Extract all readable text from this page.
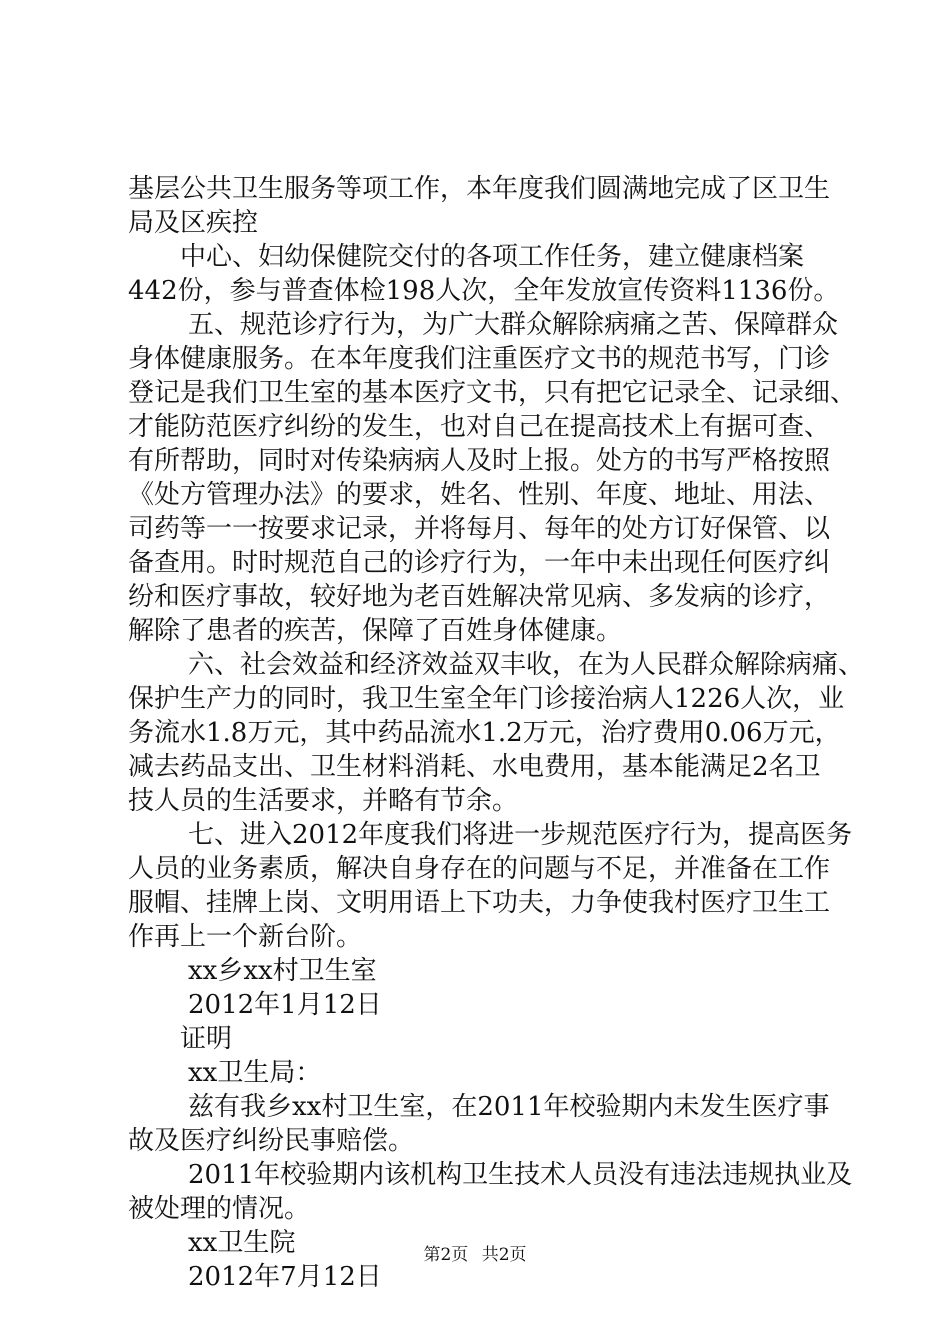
基层公共卫生服务等项工作，本年度我们圆满地完成了区卫生
局及区疾控
中心、妇幼保健院交付的各项工作任务，建立健康档案
442份，参与普查体检198人次，全年发放宣传资料1136份。
五、规范诊疗行为，为广大群众解除病痛之苦、保障群众
身体健康服务。在本年度我们注重医疗文书的规范书写，门诊
登记是我们卫生室的基本医疗文书，只有把它记录全、记录细、
才能防范医疗纠纷的发生，也对自己在提高技术上有据可查、
有所帮助，同时对传染病病人及时上报。处方的书写严格按照
《处方管理办法》的要求，姓名、性别、年度、地址、用法、
司药等一一按要求记录，并将每月、每年的处方订好保管、以
备查用。时时规范自己的诊疗行为，一年中未出现任何医疗纠
纷和医疗事故，较好地为老百姓解决常见病、多发病的诊疗，
解除了患者的疾苦，保障了百姓身体健康。
六、社会效益和经济效益双丰收，在为人民群众解除病痛、
保护生产力的同时，我卫生室全年门诊接治病人1226人次，业
务流水1.8万元，其中药品流水1.2万元，治疗费用0.06万元，
减去药品支出、卫生材料消耗、水电费用，基本能满足2名卫
技人员的生活要求，并略有节余。
七、进入2012年度我们将进一步规范医疗行为，提高医务
人员的业务素质，解决自身存在的问题与不足，并准备在工作
服帽、挂牌上岗、文明用语上下功夫，力争使我村医疗卫生工
作再上一个新台阶。
xx乡xx村卫生室
2012年1月12日
证明
xx卫生局：
兹有我乡xx村卫生室，在2011年校验期内未发生医疗事
故及医疗纠纷民事赔偿。
2011年校验期内该机构卫生技术人员没有违法违规执业及
被处理的情况。
xx卫生院
2012年7月12日
第2页 共2页
